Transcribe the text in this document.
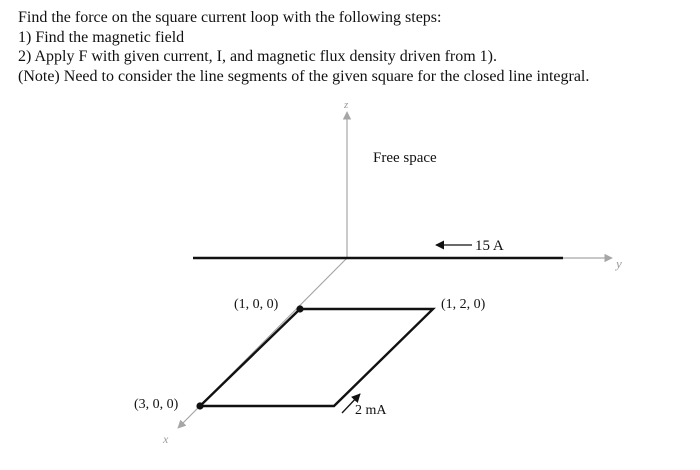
Find the force on the square current loop with the following steps:
1) Find the magnetic field
2) Apply F with given current, I, and magnetic flux density driven from 1).
(Note) Need to consider the line segments of the given square for the closed line integral.
z
y
x
15 A
Free space
(1, 0, 0)	(1, 2, 0)
(3, 0, 0)	2 mA
